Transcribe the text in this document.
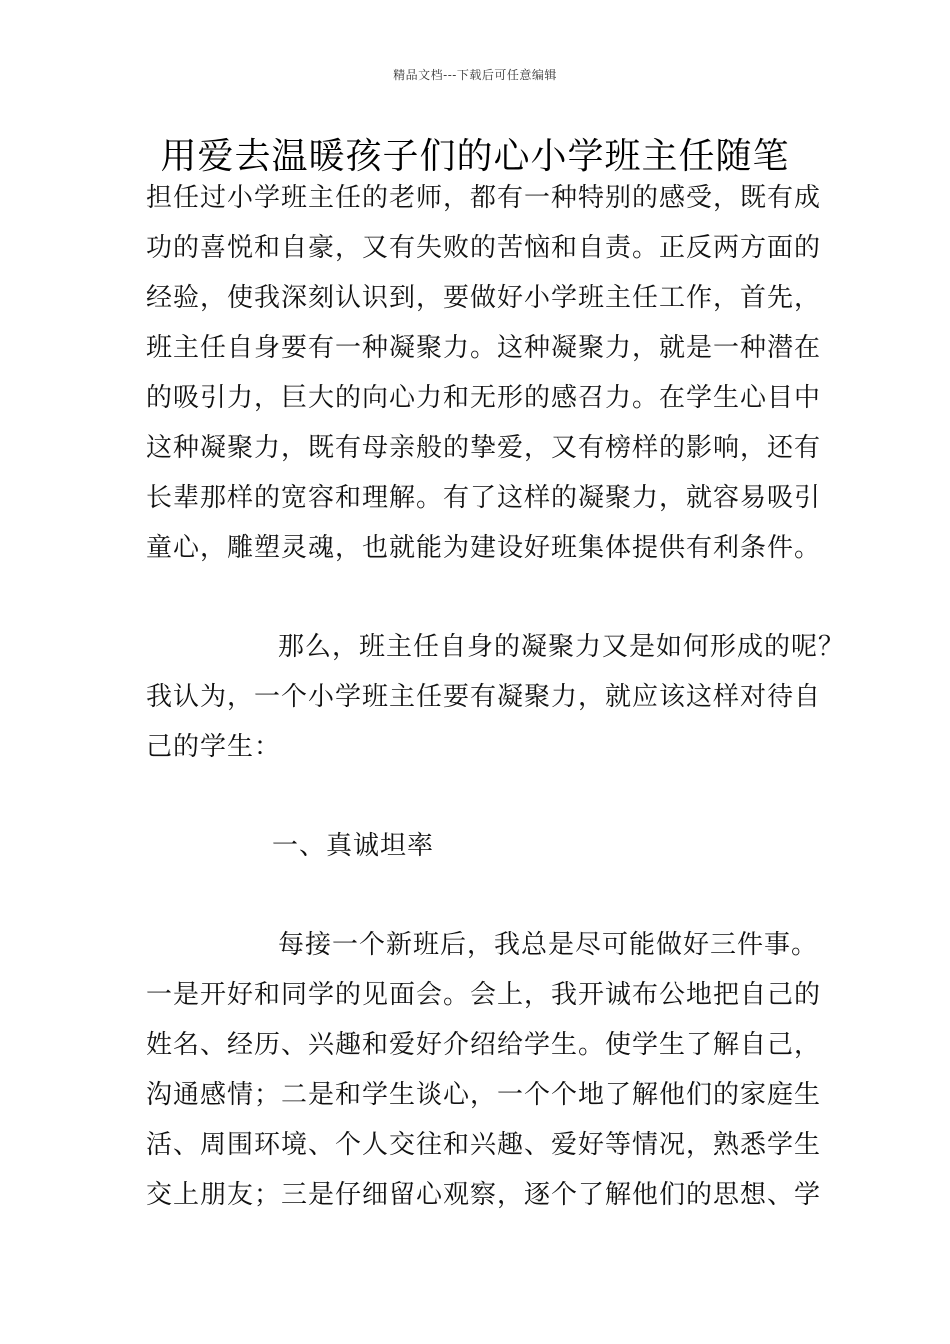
精品文档---下载后可任意编辑
用爱去温暖孩子们的心小学班主任随笔
担任过小学班主任的老师，都有一种特别的感受，既有成
功的喜悦和自豪，又有失败的苦恼和自责。正反两方面的
经验，使我深刻认识到，要做好小学班主任工作，首先，
班主任自身要有一种凝聚力。这种凝聚力，就是一种潜在
的吸引力，巨大的向心力和无形的感召力。在学生心目中
这种凝聚力，既有母亲般的挚爱，又有榜样的影响，还有
长辈那样的宽容和理解。有了这样的凝聚力，就容易吸引
童心，雕塑灵魂，也就能为建设好班集体提供有利条件。
那么，班主任自身的凝聚力又是如何形成的呢？
我认为，一个小学班主任要有凝聚力，就应该这样对待自
己的学生：
一、真诚坦率
每接一个新班后，我总是尽可能做好三件事。
一是开好和同学的见面会。会上，我开诚布公地把自己的
姓名、经历、兴趣和爱好介绍给学生。使学生了解自己，
沟通感情；二是和学生谈心，一个个地了解他们的家庭生
活、周围环境、个人交往和兴趣、爱好等情况，熟悉学生
交上朋友；三是仔细留心观察，逐个了解他们的思想、学
